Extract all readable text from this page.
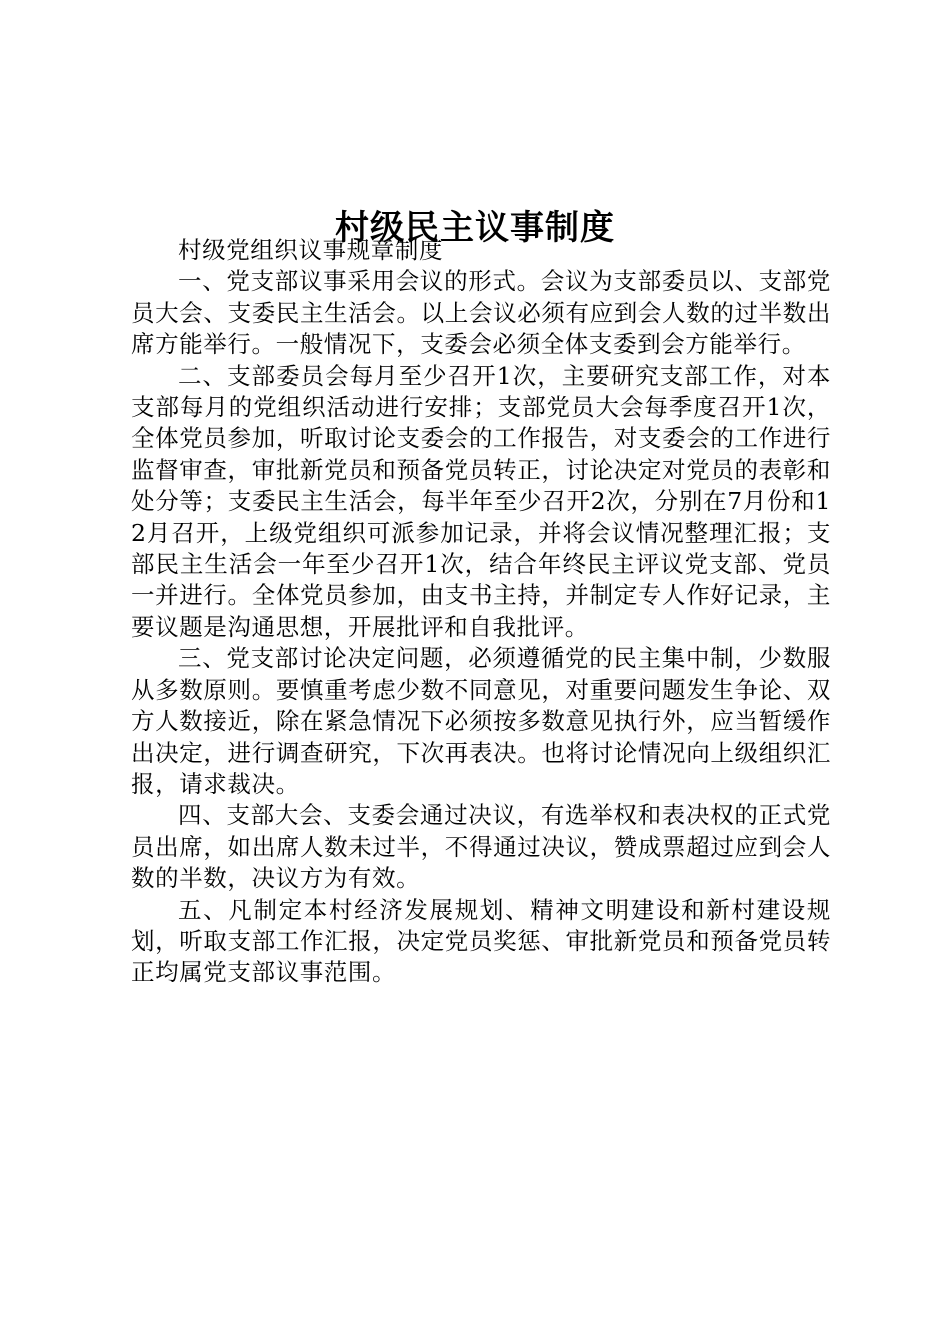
村级民主议事制度

村级党组织议事规章制度

一、党支部议事采用会议的形式。会议为支部委员以、支部党员大会、支委民主生活会。以上会议必须有应到会人数的过半数出席方能举行。一般情况下，支委会必须全体支委到会方能举行。

二、支部委员会每月至少召开1次，主要研究支部工作，对本支部每月的党组织活动进行安排；支部党员大会每季度召开1次，全体党员参加，听取讨论支委会的工作报告，对支委会的工作进行监督审查，审批新党员和预备党员转正，讨论决定对党员的表彰和处分等；支委民主生活会，每半年至少召开2次，分别在7月份和12月召开，上级党组织可派参加记录，并将会议情况整理汇报；支部民主生活会一年至少召开1次，结合年终民主评议党支部、党员一并进行。全体党员参加，由支书主持，并制定专人作好记录，主要议题是沟通思想，开展批评和自我批评。

三、党支部讨论决定问题，必须遵循党的民主集中制，少数服从多数原则。要慎重考虑少数不同意见，对重要问题发生争论、双方人数接近，除在紧急情况下必须按多数意见执行外，应当暂缓作出决定，进行调查研究，下次再表决。也将讨论情况向上级组织汇报，请求裁决。

四、支部大会、支委会通过决议，有选举权和表决权的正式党员出席，如出席人数未过半，不得通过决议，赞成票超过应到会人数的半数，决议方为有效。

五、凡制定本村经济发展规划、精神文明建设和新村建设规划，听取支部工作汇报，决定党员奖惩、审批新党员和预备党员转正均属党支部议事范围。
